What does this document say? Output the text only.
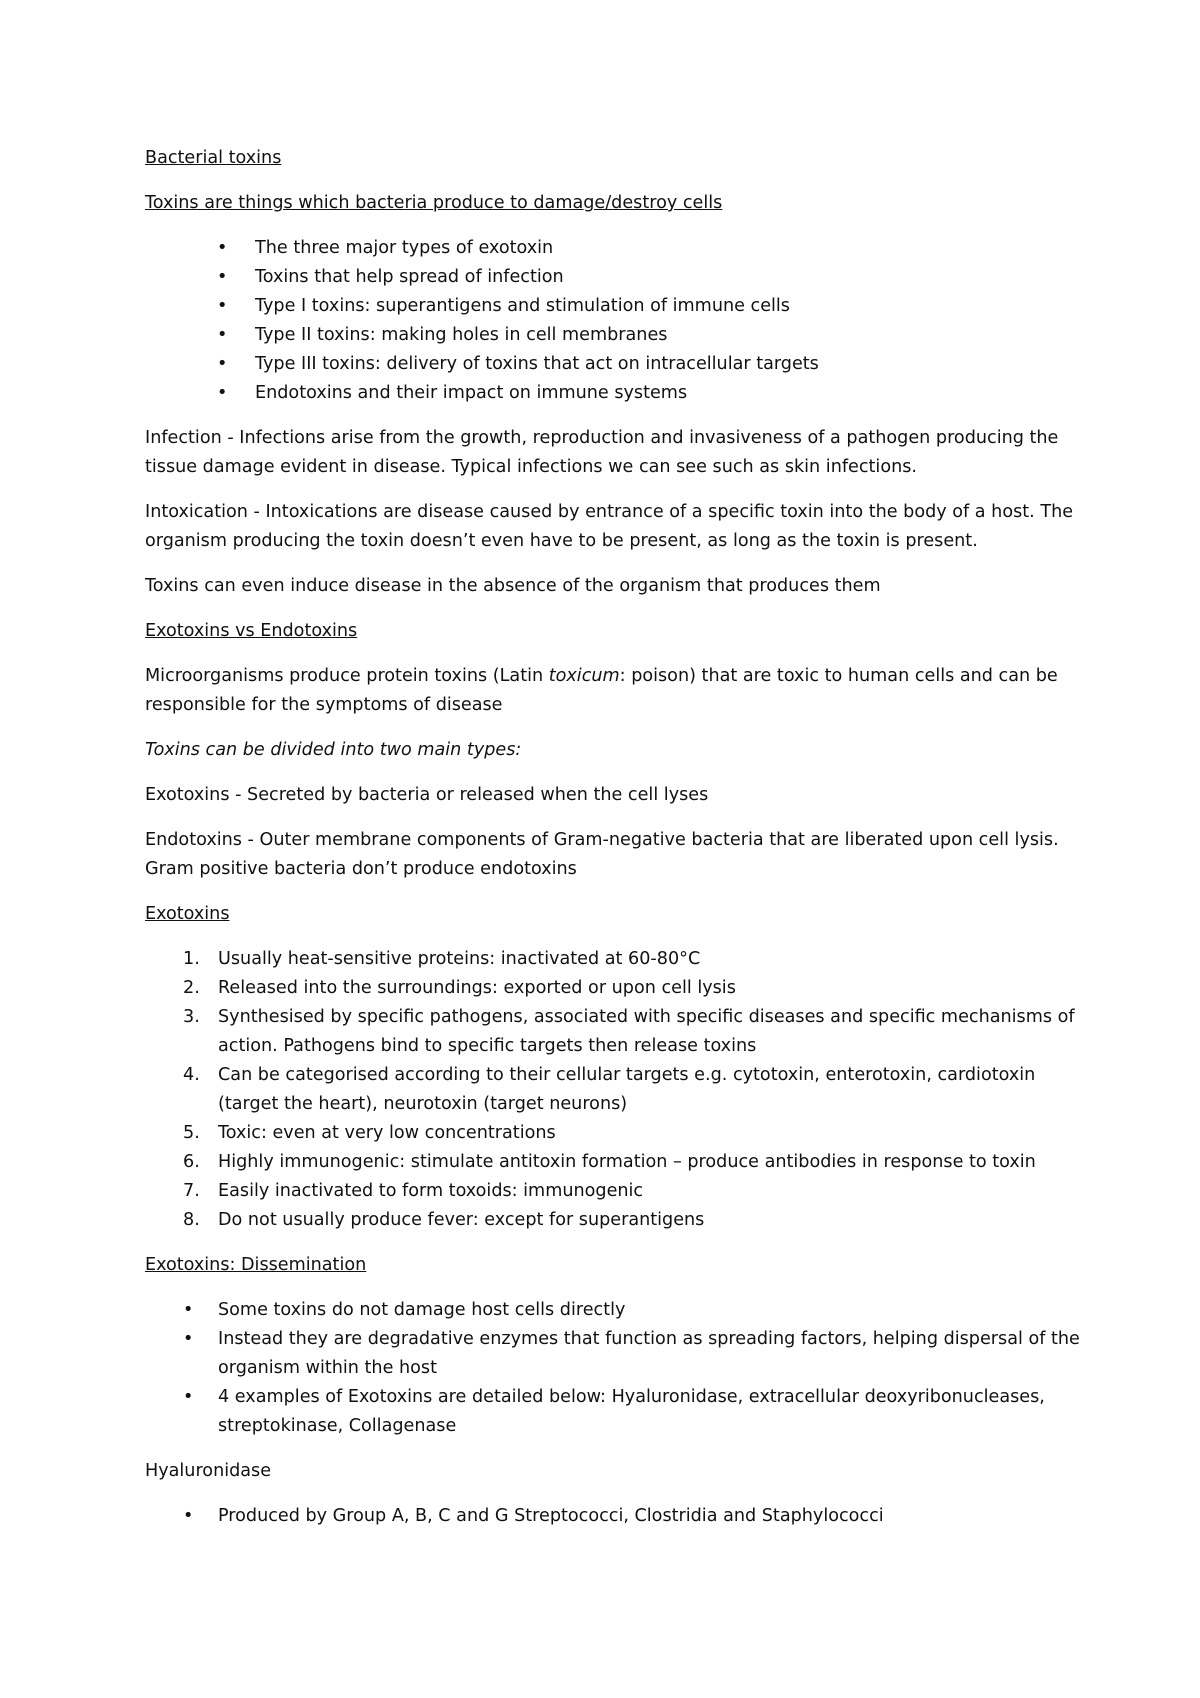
Bacterial toxins
Toxins are things which bacteria produce to damage/destroy cells
• The three major types of exotoxin
• Toxins that help spread of infection
• Type I toxins: superantigens and stimulation of immune cells
• Type II toxins: making holes in cell membranes
• Type III toxins: delivery of toxins that act on intracellular targets
• Endotoxins and their impact on immune systems

Infection - Infections arise from the growth, reproduction and invasiveness of a pathogen producing the tissue damage evident in disease. Typical infections we can see such as skin infections.

Intoxication - Intoxications are disease caused by entrance of a specific toxin into the body of a host. The organism producing the toxin doesn’t even have to be present, as long as the toxin is present.

Toxins can even induce disease in the absence of the organism that produces them

Exotoxins vs Endotoxins

Microorganisms produce protein toxins (Latin toxicum: poison) that are toxic to human cells and can be responsible for the symptoms of disease

Toxins can be divided into two main types:

Exotoxins - Secreted by bacteria or released when the cell lyses

Endotoxins - Outer membrane components of Gram-negative bacteria that are liberated upon cell lysis. Gram positive bacteria don’t produce endotoxins

Exotoxins
1. Usually heat-sensitive proteins: inactivated at 60-80°C
2. Released into the surroundings: exported or upon cell lysis
3. Synthesised by specific pathogens, associated with specific diseases and specific mechanisms of action. Pathogens bind to specific targets then release toxins
4. Can be categorised according to their cellular targets e.g. cytotoxin, enterotoxin, cardiotoxin (target the heart), neurotoxin (target neurons)
5. Toxic: even at very low concentrations
6. Highly immunogenic: stimulate antitoxin formation – produce antibodies in response to toxin
7. Easily inactivated to form toxoids: immunogenic
8. Do not usually produce fever: except for superantigens
Exotoxins: Dissemination
• Some toxins do not damage host cells directly
• Instead they are degradative enzymes that function as spreading factors, helping dispersal of the organism within the host
• 4 examples of Exotoxins are detailed below: Hyaluronidase, extracellular deoxyribonucleases, streptokinase, Collagenase
Hyaluronidase
• Produced by Group A, B, C and G Streptococci, Clostridia and Staphylococci
